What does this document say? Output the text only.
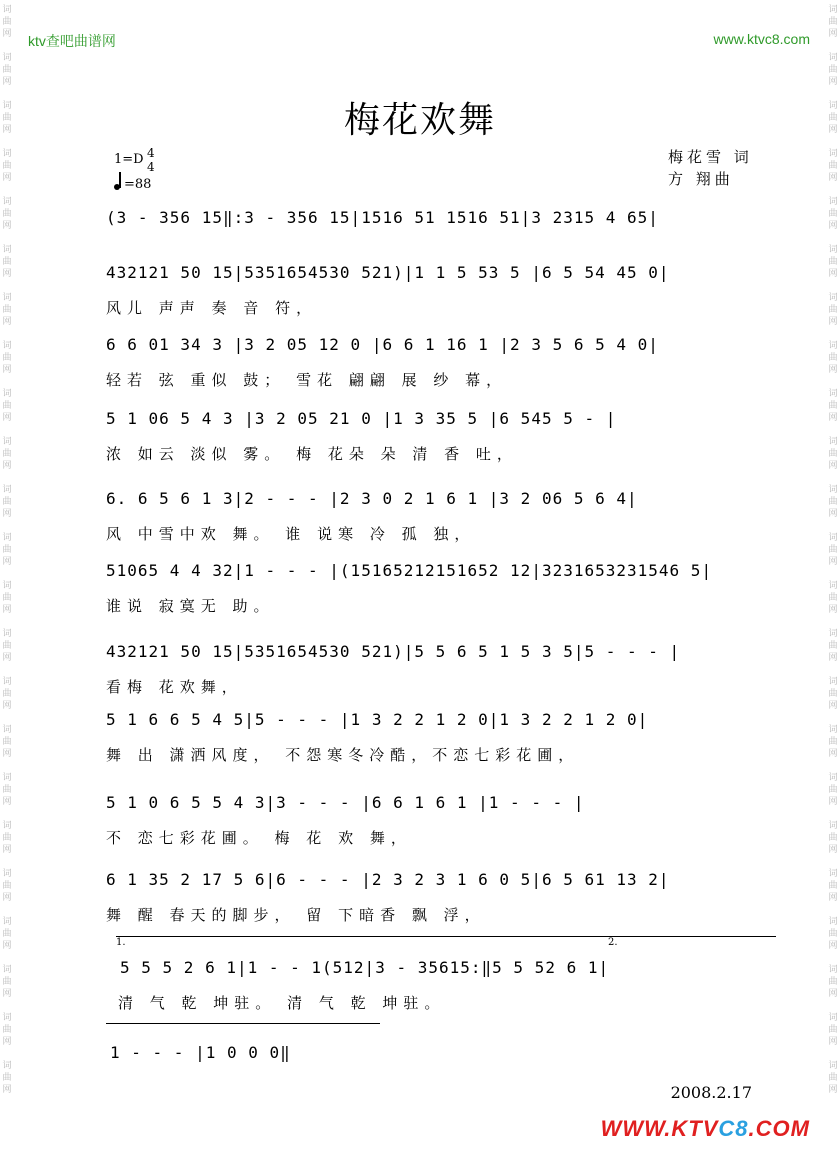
词
曲
网

词
曲
网

词
曲
网

词
曲
网

词
曲
网

词
曲
网

词
曲
网

词
曲
网

词
曲
网

词
曲
网

词
曲
网

词
曲
网

词
曲
网

词
曲
网

词
曲
网

词
曲
网

词
曲
网

词
曲
网

词
曲
网

词
曲
网

词
曲
网

词
曲
网

词
曲
网
词
曲
网

词
曲
网

词
曲
网

词
曲
网

词
曲
网

词
曲
网

词
曲
网

词
曲
网

词
曲
网

词
曲
网

词
曲
网

词
曲
网

词
曲
网

词
曲
网

词
曲
网

词
曲
网

词
曲
网

词
曲
网

词
曲
网

词
曲
网

词
曲
网

词
曲
网

词
曲
网
ktv查吧曲谱网	www.ktvc8.com
梅花欢舞
1=D 4
4
=88
梅花雪 词
方 翔曲
(3 - 356 15‖:3 - 356 15|1516 51 1516 51|3 2315 4 65|
432121 50 15|5351654530 521)|1 1 5 53 5 |6 5 54 45 0|
风儿 声声 奏 音 符，
6 6 01 34 3 |3 2 05 12 0 |6 6 1 16 1 |2 3 5 6 5 4 0|
轻若 弦 重似 鼓； 雪花 翩翩 展 纱 幕，
5 1 06 5 4 3 |3 2 05 21 0 |1 3 35 5 |6 545 5 - |
浓 如云 淡似 雾。 梅 花朵 朵 清 香 吐，
6. 6 5 6 1 3|2 - - - |2 3 0 2 1 6 1 |3 2 06 5 6 4|
风 中雪中欢 舞。 谁 说寒 冷 孤 独，
51065 4 4 32|1 - - - |(15165212151652 12|3231653231546 5|
谁说 寂寞无 助。
432121 50 15|5351654530 521)|5 5 6 5 1 5 3 5|5 - - - |
看梅 花欢舞，
5 1 6 6 5 4 5|5 - - - |1 3 2 2 1 2 0|1 3 2 2 1 2 0|
舞 出 潇洒风度， 不怨寒冬冷酷，不恋七彩花圃，
5 1 0 6 5 5 4 3|3 - - - |6 6 1 6 1 |1 - - - |
不 恋七彩花圃。 梅 花 欢 舞，
6 1 35 2 17 5 6|6 - - - |2 3 2 3 1 6 0 5|6 5 61 13 2|
舞 醒 春天的脚步， 留 下暗香 飘 浮，
1.	2.
5 5 5 2 6 1|1 - - 1(512|3 - 35615:‖5 5 52 6 1|
清 气 乾 坤驻。 清 气 乾 坤驻。
1 - - - |1 0 0 0‖
2008.2.17
WWW.KTVC8.COM
